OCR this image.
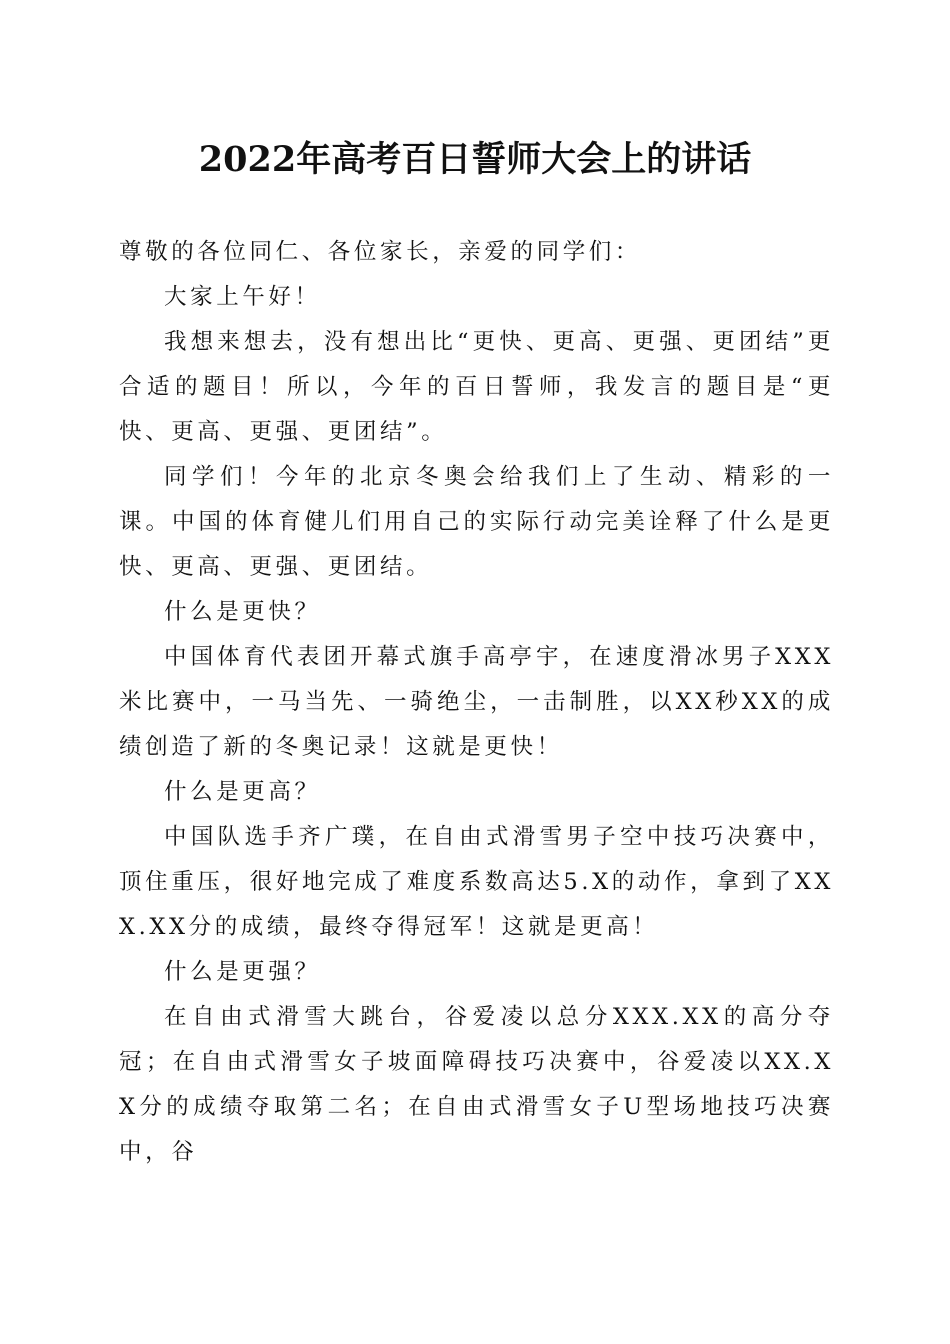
2022年高考百日誓师大会上的讲话

尊敬的各位同仁、各位家长，亲爱的同学们：

大家上午好！

我想来想去，没有想出比“更快、更高、更强、更团结”更合适的题目！所以，今年的百日誓师，我发言的题目是“更快、更高、更强、更团结”。

同学们！今年的北京冬奥会给我们上了生动、精彩的一课。中国的体育健儿们用自己的实际行动完美诠释了什么是更快、更高、更强、更团结。

什么是更快？

中国体育代表团开幕式旗手高亭宇，在速度滑冰男子XXX米比赛中，一马当先、一骑绝尘，一击制胜，以XX秒XX的成绩创造了新的冬奥记录！这就是更快！

什么是更高？

中国队选手齐广璞，在自由式滑雪男子空中技巧决赛中，顶住重压，很好地完成了难度系数高达5.X的动作，拿到了XXX.XX分的成绩，最终夺得冠军！这就是更高！

什么是更强？

在自由式滑雪大跳台，谷爱凌以总分XXX.XX的高分夺冠；在自由式滑雪女子坡面障碍技巧决赛中，谷爱凌以XX.XX分的成绩夺取第二名；在自由式滑雪女子U型场地技巧决赛中，谷
